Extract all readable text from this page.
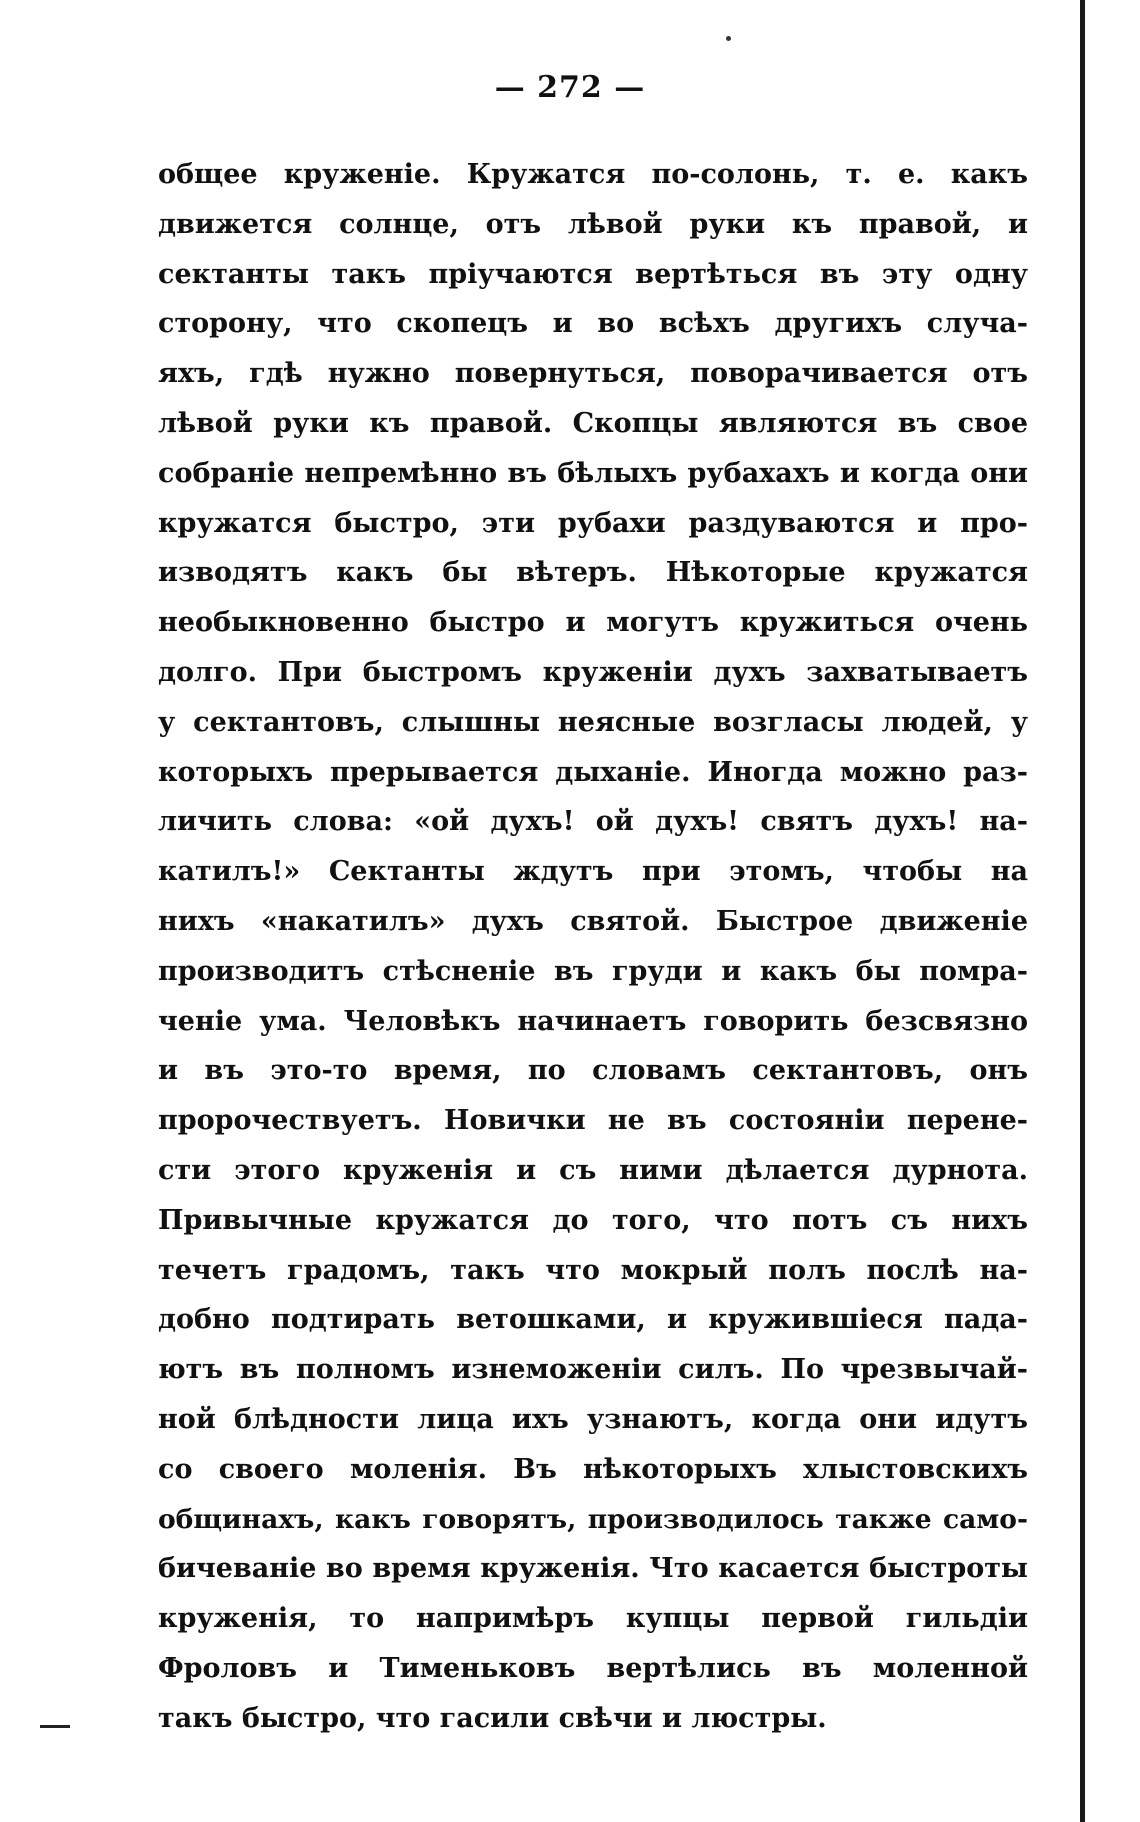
— 272 —
общее круженіе. Кружатся по-солонь, т. е. какъ
движется солнце, отъ лѣвой руки къ правой, и
сектанты такъ пріучаются вертѣться въ эту одну
сторону, что скопецъ и во всѣхъ другихъ случа-
яхъ, гдѣ нужно повернуться, поворачивается отъ
лѣвой руки къ правой. Скопцы являются въ свое
собраніе непремѣнно въ бѣлыхъ рубахахъ и когда они
кружатся быстро, эти рубахи раздуваются и про-
изводятъ какъ бы вѣтеръ. Нѣкоторые кружатся
необыкновенно быстро и могутъ кружиться очень
долго. При быстромъ круженіи духъ захватываетъ
у сектантовъ, слышны неясные возгласы людей, у
которыхъ прерывается дыханіе. Иногда можно раз-
личить слова: «ой духъ! ой духъ! святъ духъ! на-
катилъ!» Сектанты ждутъ при этомъ, чтобы на
нихъ «накатилъ» духъ святой. Быстрое движеніе
производитъ стѣсненіе въ груди и какъ бы помра-
ченіе ума. Человѣкъ начинаетъ говорить безсвязно
и въ это-то время, по словамъ сектантовъ, онъ
пророчествуетъ. Новички не въ состояніи перене-
сти этого круженія и съ ними дѣлается дурнота.
Привычные кружатся до того, что потъ съ нихъ
течетъ градомъ, такъ что мокрый полъ послѣ на-
добно подтирать ветошками, и кружившіеся пада-
ютъ въ полномъ изнеможеніи силъ. По чрезвычай-
ной блѣдности лица ихъ узнаютъ, когда они идутъ
со своего моленія. Въ нѣкоторыхъ хлыстовскихъ
общинахъ, какъ говорятъ, производилось также само-
бичеваніе во время круженія. Что касается быстроты
круженія, то напримѣръ купцы первой гильдіи
Фроловъ и Тименьковъ вертѣлись въ моленной
такъ быстро, что гасили свѣчи и люстры.
